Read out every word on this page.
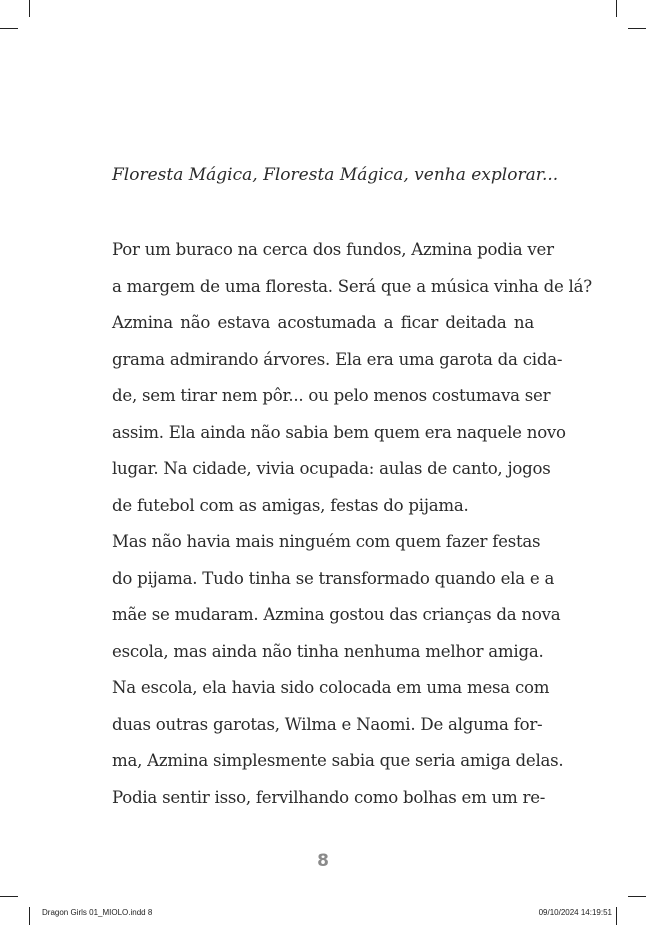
Floresta Mágica, Floresta Mágica, venha explorar...

Por um buraco na cerca dos fundos, Azmina podia ver
a margem de uma floresta. Será que a música vinha de lá?

Azmina não estava acostumada a ficar deitada na
grama admirando árvores. Ela era uma garota da cida-
de, sem tirar nem pôr... ou pelo menos costumava ser
assim. Ela ainda não sabia bem quem era naquele novo
lugar. Na cidade, vivia ocupada: aulas de canto, jogos
de futebol com as amigas, festas do pijama.

Mas não havia mais ninguém com quem fazer festas
do pijama. Tudo tinha se transformado quando ela e a
mãe se mudaram. Azmina gostou das crianças da nova
escola, mas ainda não tinha nenhuma melhor amiga.

Na escola, ela havia sido colocada em uma mesa com
duas outras garotas, Wilma e Naomi. De alguma for-
ma, Azmina simplesmente sabia que seria amiga delas.
Podia sentir isso, fervilhando como bolhas em um re-

8
Dragon Girls 01_MIOLO.indd 8	09/10/2024 14:19:51
